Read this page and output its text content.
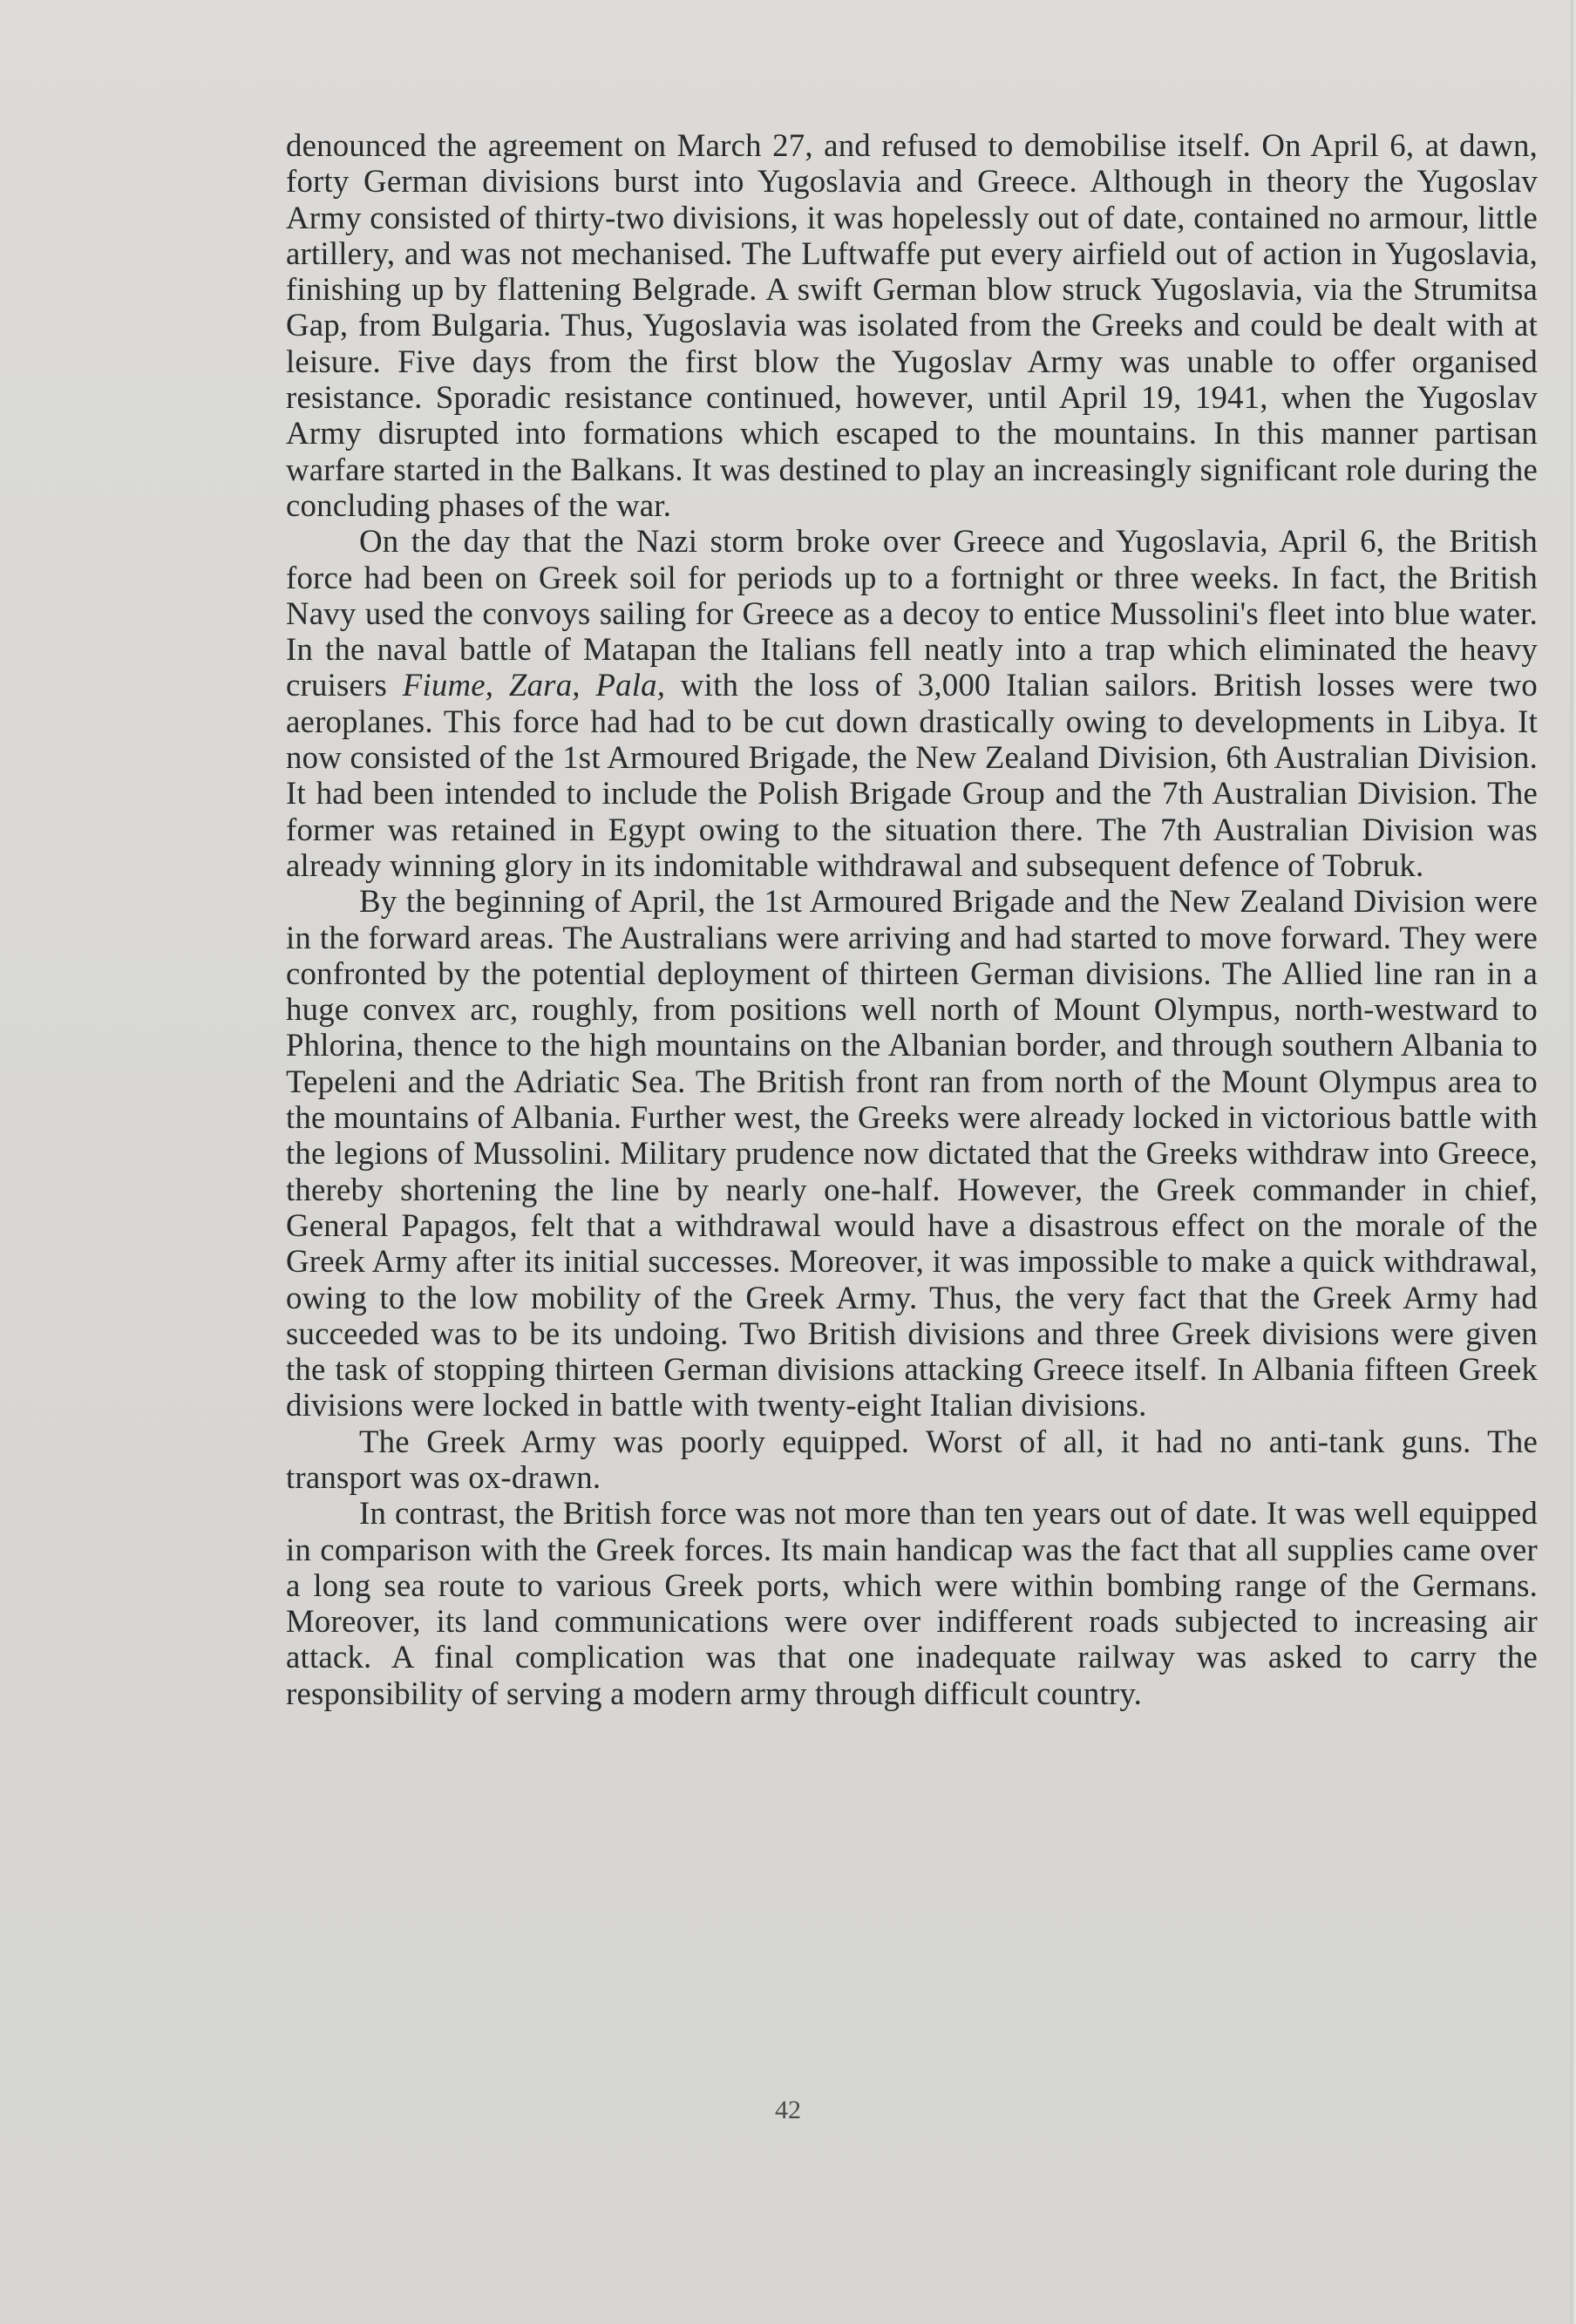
denounced the agreement on March 27, and refused to demobilise itself. On April 6, at dawn, forty German divisions burst into Yugoslavia and Greece. Although in theory the Yugoslav Army consisted of thirty-two divisions, it was hopelessly out of date, contained no armour, little artillery, and was not mechanised. The Luftwaffe put every airfield out of action in Yugoslavia, finishing up by flattening Belgrade. A swift German blow struck Yugoslavia, via the Strumitsa Gap, from Bulgaria. Thus, Yugoslavia was isolated from the Greeks and could be dealt with at leisure. Five days from the first blow the Yugoslav Army was unable to offer organised resistance. Sporadic resistance continued, however, until April 19, 1941, when the Yugoslav Army disrupted into formations which escaped to the mountains. In this manner partisan warfare started in the Balkans. It was destined to play an increasingly significant role during the concluding phases of the war.

On the day that the Nazi storm broke over Greece and Yugoslavia, April 6, the British force had been on Greek soil for periods up to a fortnight or three weeks. In fact, the British Navy used the convoys sailing for Greece as a decoy to entice Mussolini's fleet into blue water. In the naval battle of Matapan the Italians fell neatly into a trap which eliminated the heavy cruisers Fiume, Zara, Pala, with the loss of 3,000 Italian sailors. British losses were two aeroplanes. This force had had to be cut down drastically owing to developments in Libya. It now consisted of the 1st Armoured Brigade, the New Zealand Division, 6th Australian Division. It had been intended to include the Polish Brigade Group and the 7th Australian Division. The former was retained in Egypt owing to the situation there. The 7th Australian Division was already winning glory in its indomitable withdrawal and subsequent defence of Tobruk.

By the beginning of April, the 1st Armoured Brigade and the New Zealand Division were in the forward areas. The Australians were arriving and had started to move forward. They were confronted by the potential deployment of thirteen German divisions. The Allied line ran in a huge convex arc, roughly, from positions well north of Mount Olympus, north-westward to Phlorina, thence to the high mountains on the Albanian border, and through southern Albania to Tepeleni and the Adriatic Sea. The British front ran from north of the Mount Olympus area to the mountains of Albania. Further west, the Greeks were already locked in victorious battle with the legions of Mussolini. Military prudence now dictated that the Greeks withdraw into Greece, thereby shortening the line by nearly one-half. However, the Greek commander in chief, General Papagos, felt that a withdrawal would have a disastrous effect on the morale of the Greek Army after its initial successes. Moreover, it was impossible to make a quick withdrawal, owing to the low mobility of the Greek Army. Thus, the very fact that the Greek Army had succeeded was to be its undoing. Two British divisions and three Greek divisions were given the task of stopping thirteen German divisions attacking Greece itself. In Albania fifteen Greek divisions were locked in battle with twenty-eight Italian divisions.

The Greek Army was poorly equipped. Worst of all, it had no anti-tank guns. The transport was ox-drawn.

In contrast, the British force was not more than ten years out of date. It was well equipped in comparison with the Greek forces. Its main handicap was the fact that all supplies came over a long sea route to various Greek ports, which were within bombing range of the Germans. Moreover, its land communications were over indifferent roads subjected to increasing air attack. A final complication was that one inadequate railway was asked to carry the responsibility of serving a modern army through difficult country.

42
